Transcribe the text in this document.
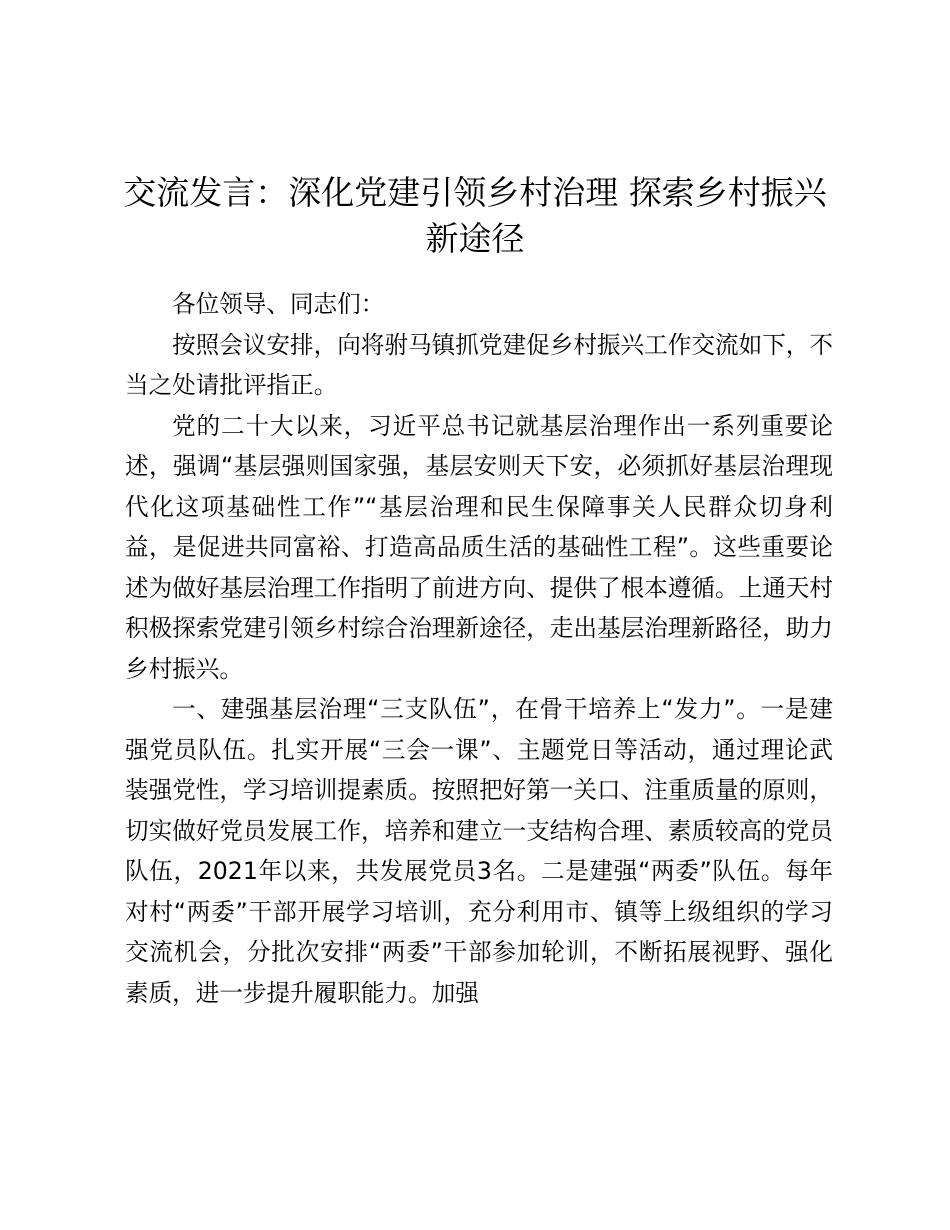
交流发言：深化党建引领乡村治理 探索乡村振兴新途径

各位领导、同志们：

按照会议安排，向将驸马镇抓党建促乡村振兴工作交流如下，不当之处请批评指正。

党的二十大以来，习近平总书记就基层治理作出一系列重要论述，强调“基层强则国家强，基层安则天下安，必须抓好基层治理现代化这项基础性工作”“基层治理和民生保障事关人民群众切身利益，是促进共同富裕、打造高品质生活的基础性工程”。这些重要论述为做好基层治理工作指明了前进方向、提供了根本遵循。上通天村积极探索党建引领乡村综合治理新途径，走出基层治理新路径，助力乡村振兴。

一、建强基层治理“三支队伍”，在骨干培养上“发力”。一是建强党员队伍。扎实开展“三会一课”、主题党日等活动，通过理论武装强党性，学习培训提素质。按照把好第一关口、注重质量的原则，切实做好党员发展工作，培养和建立一支结构合理、素质较高的党员队伍，2021年以来，共发展党员3名。二是建强“两委”队伍。每年对村“两委”干部开展学习培训，充分利用市、镇等上级组织的学习交流机会，分批次安排“两委”干部参加轮训，不断拓展视野、强化素质，进一步提升履职能力。加强
